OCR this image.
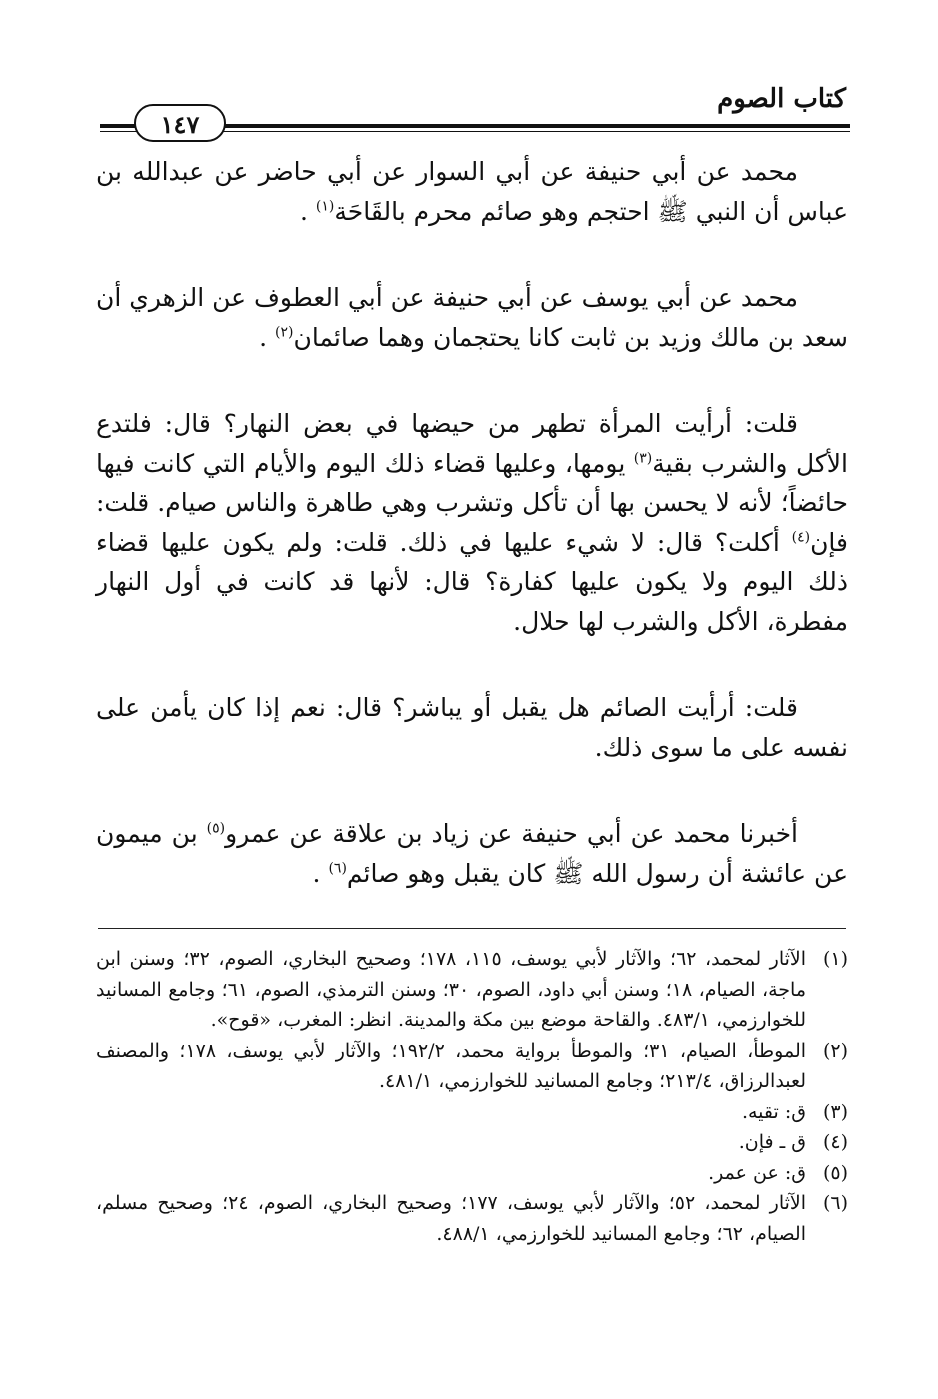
كتاب الصوم
١٤٧

محمد عن أبي حنيفة عن أبي السوار عن أبي حاضر عن عبدالله بن عباس أن النبي ﷺ احتجم وهو صائم محرم بالقَاحَة$^{(١)}$ .

محمد عن أبي يوسف عن أبي حنيفة عن أبي العطوف عن الزهري أن سعد بن مالك وزيد بن ثابت كانا يحتجمان وهما صائمان$^{(٢)}$ .

قلت: أرأيت المرأة تطهر من حيضها في بعض النهار؟ قال: فلتدع الأكل والشرب بقية$^{(٣)}$ يومها، وعليها قضاء ذلك اليوم والأيام التي كانت فيها حائضاً؛ لأنه لا يحسن بها أن تأكل وتشرب وهي طاهرة والناس صيام. قلت: فإن$^{(٤)}$ أكلت؟ قال: لا شيء عليها في ذلك. قلت: ولم يكون عليها قضاء ذلك اليوم ولا يكون عليها كفارة؟ قال: لأنها قد كانت في أول النهار مفطرة، الأكل والشرب لها حلال.

قلت: أرأيت الصائم هل يقبل أو يباشر؟ قال: نعم إذا كان يأمن على نفسه على ما سوى ذلك.

أخبرنا محمد عن أبي حنيفة عن زياد بن علاقة عن عمرو$^{(٥)}$ بن ميمون عن عائشة أن رسول الله ﷺ كان يقبل وهو صائم$^{(٦)}$ .

(١)
الآثار لمحمد، ٦٢؛ والآثار لأبي يوسف، ١١٥، ١٧٨؛ وصحيح البخاري، الصوم، ٣٢؛ وسنن ابن ماجة، الصيام، ١٨؛ وسنن أبي داود، الصوم، ٣٠؛ وسنن الترمذي، الصوم، ٦١؛ وجامع المسانيد للخوارزمي، ٤٨٣/١. والقاحة موضع بين مكة والمدينة. انظر: المغرب، «قوح».
(٢)
الموطأ، الصيام، ٣١؛ والموطأ برواية محمد، ١٩٢/٢؛ والآثار لأبي يوسف، ١٧٨؛ والمصنف لعبدالرزاق، ٢١٣/٤؛ وجامع المسانيد للخوارزمي، ٤٨١/١.
(٣)
ق: تقيه.
(٤)
ق ـ فإن.
(٥)
ق: عن عمر.
(٦)
الآثار لمحمد، ٥٢؛ والآثار لأبي يوسف، ١٧٧؛ وصحيح البخاري، الصوم، ٢٤؛ وصحيح مسلم، الصيام، ٦٢؛ وجامع المسانيد للخوارزمي، ٤٨٨/١.
